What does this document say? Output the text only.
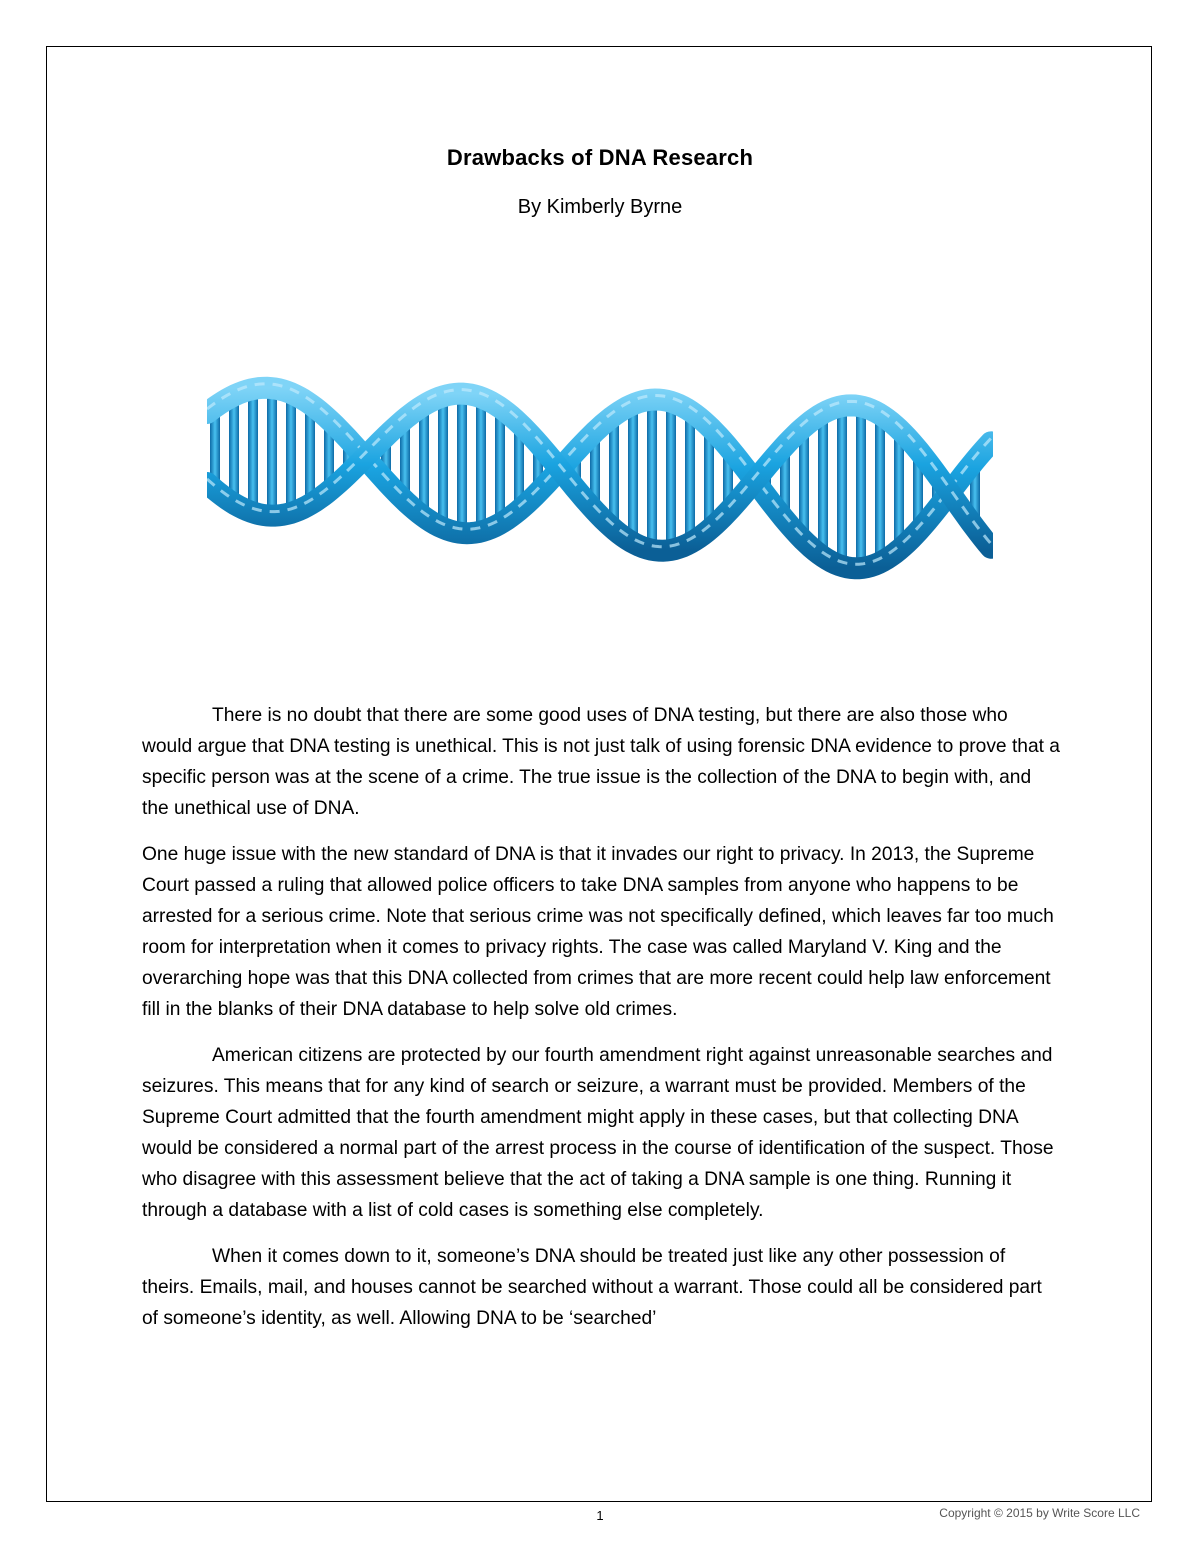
Drawbacks of DNA Research
By Kimberly Byrne

There is no doubt that there are some good uses of DNA testing, but there are also those who would argue that DNA testing is unethical. This is not just talk of using forensic DNA evidence to prove that a specific person was at the scene of a crime. The true issue is the collection of the DNA to begin with, and the unethical use of DNA.

One huge issue with the new standard of DNA is that it invades our right to privacy. In 2013, the Supreme Court passed a ruling that allowed police officers to take DNA samples from anyone who happens to be arrested for a serious crime. Note that serious crime was not specifically defined, which leaves far too much room for interpretation when it comes to privacy rights. The case was called Maryland V. King and the overarching hope was that this DNA collected from crimes that are more recent could help law enforcement fill in the blanks of their DNA database to help solve old crimes.

American citizens are protected by our fourth amendment right against unreasonable searches and seizures. This means that for any kind of search or seizure, a warrant must be provided. Members of the Supreme Court admitted that the fourth amendment might apply in these cases, but that collecting DNA would be considered a normal part of the arrest process in the course of identification of the suspect. Those who disagree with this assessment believe that the act of taking a DNA sample is one thing. Running it through a database with a list of cold cases is something else completely.

When it comes down to it, someone’s DNA should be treated just like any other possession of theirs. Emails, mail, and houses cannot be searched without a warrant. Those could all be considered part of someone’s identity, as well. Allowing DNA to be ‘searched’

1	Copyright © 2015 by Write Score LLC
